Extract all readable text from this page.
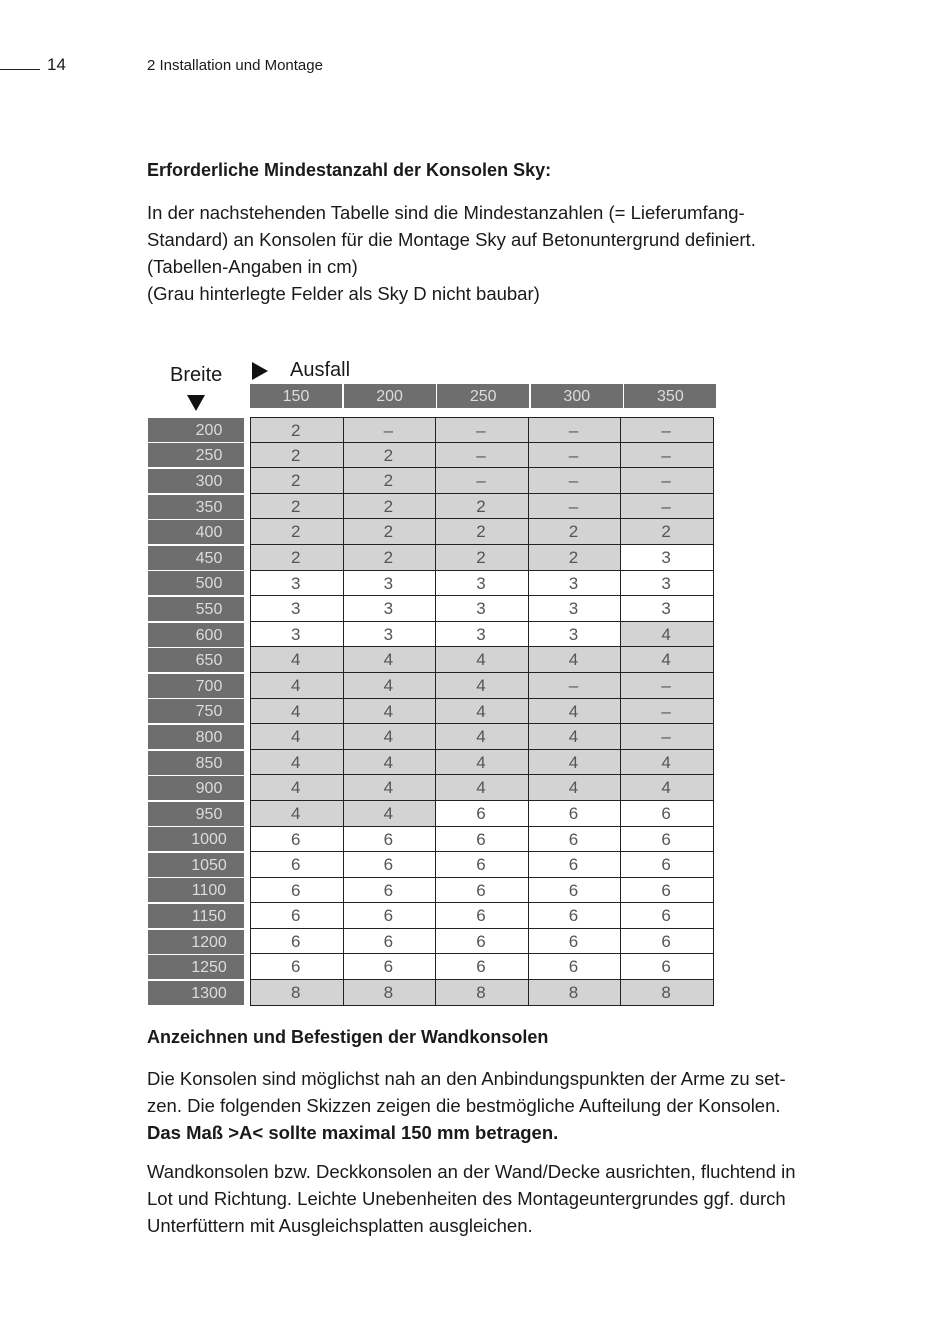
14	2 Installation und Montage
Erforderliche Mindestanzahl der Konsolen Sky:

In der nachstehenden Tabelle sind die Mindestanzahlen (= Lieferumfang-
Standard) an Konsolen für die Montage Sky auf Betonuntergrund definiert.

(Tabellen-Angaben in cm)

(Grau hinterlegte Felder als Sky D nicht baubar)

Breite	Ausfall
150	200	250	300	350
200	2	–	–	–	–
250	2	2	–	–	–
300	2	2	–	–	–
350	2	2	2	–	–
400	2	2	2	2	2
450	2	2	2	2	3
500	3	3	3	3	3
550	3	3	3	3	3
600	3	3	3	3	4
650	4	4	4	4	4
700	4	4	4	–	–
750	4	4	4	4	–
800	4	4	4	4	–
850	4	4	4	4	4
900	4	4	4	4	4
950	4	4	6	6	6
1000	6	6	6	6	6
1050	6	6	6	6	6
1100	6	6	6	6	6
1150	6	6	6	6	6
1200	6	6	6	6	6
1250	6	6	6	6	6
1300	8	8	8	8	8
Anzeichnen und Befestigen der Wandkonsolen

Die Konsolen sind möglichst nah an den Anbindungspunkten der Arme zu set-
zen. Die folgenden Skizzen zeigen die bestmögliche Aufteilung der Konsolen.
Das Maß >A< sollte maximal 150 mm betragen.

Wandkonsolen bzw. Deckkonsolen an der Wand/Decke ausrichten, fluchtend in
Lot und Richtung. Leichte Unebenheiten des Montageuntergrundes ggf. durch
Unterfüttern mit Ausgleichsplatten ausgleichen.
